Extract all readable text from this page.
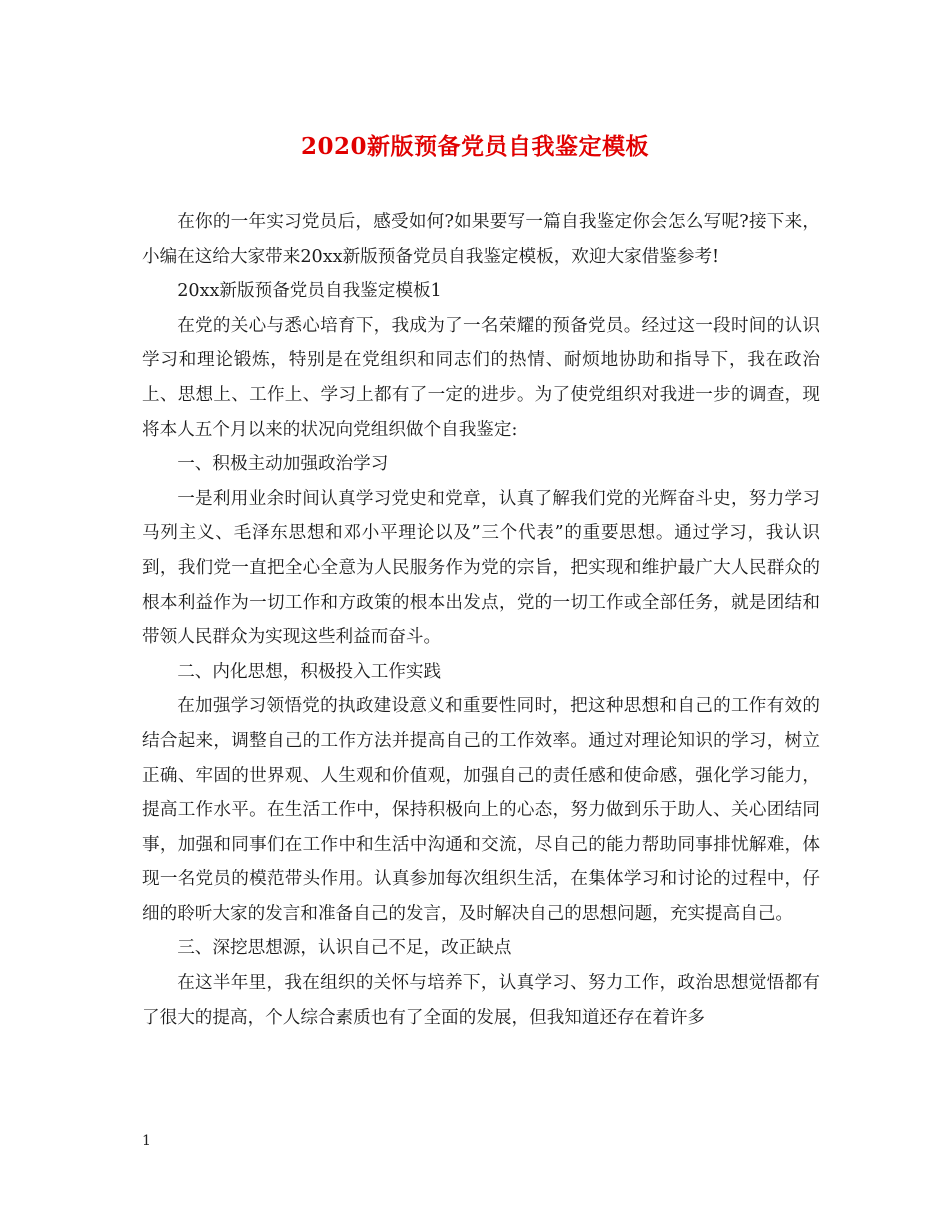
2020新版预备党员自我鉴定模板

在你的一年实习党员后，感受如何?如果要写一篇自我鉴定你会怎么写呢?接下来，小编在这给大家带来20xx新版预备党员自我鉴定模板，欢迎大家借鉴参考!

20xx新版预备党员自我鉴定模板1

在党的关心与悉心培育下，我成为了一名荣耀的预备党员。经过这一段时间的认识学习和理论锻炼，特别是在党组织和同志们的热情、耐烦地协助和指导下，我在政治上、思想上、工作上、学习上都有了一定的进步。为了使党组织对我进一步的调查，现将本人五个月以来的状况向党组织做个自我鉴定:

一、积极主动加强政治学习

一是利用业余时间认真学习党史和党章，认真了解我们党的光辉奋斗史，努力学习马列主义、毛泽东思想和邓小平理论以及”三个代表”的重要思想。通过学习，我认识到，我们党一直把全心全意为人民服务作为党的宗旨，把实现和维护最广大人民群众的根本利益作为一切工作和方政策的根本出发点，党的一切工作或全部任务，就是团结和带领人民群众为实现这些利益而奋斗。

二、内化思想，积极投入工作实践

在加强学习领悟党的执政建设意义和重要性同时，把这种思想和自己的工作有效的结合起来，调整自己的工作方法并提高自己的工作效率。通过对理论知识的学习，树立正确、牢固的世界观、人生观和价值观，加强自己的责任感和使命感，强化学习能力，提高工作水平。在生活工作中，保持积极向上的心态，努力做到乐于助人、关心团结同事，加强和同事们在工作中和生活中沟通和交流，尽自己的能力帮助同事排忧解难，体现一名党员的模范带头作用。认真参加每次组织生活，在集体学习和讨论的过程中，仔细的聆听大家的发言和准备自己的发言，及时解决自己的思想问题，充实提高自己。

三、深挖思想源，认识自己不足，改正缺点

在这半年里，我在组织的关怀与培养下，认真学习、努力工作，政治思想觉悟都有了很大的提高，个人综合素质也有了全面的发展，但我知道还存在着许多

1
